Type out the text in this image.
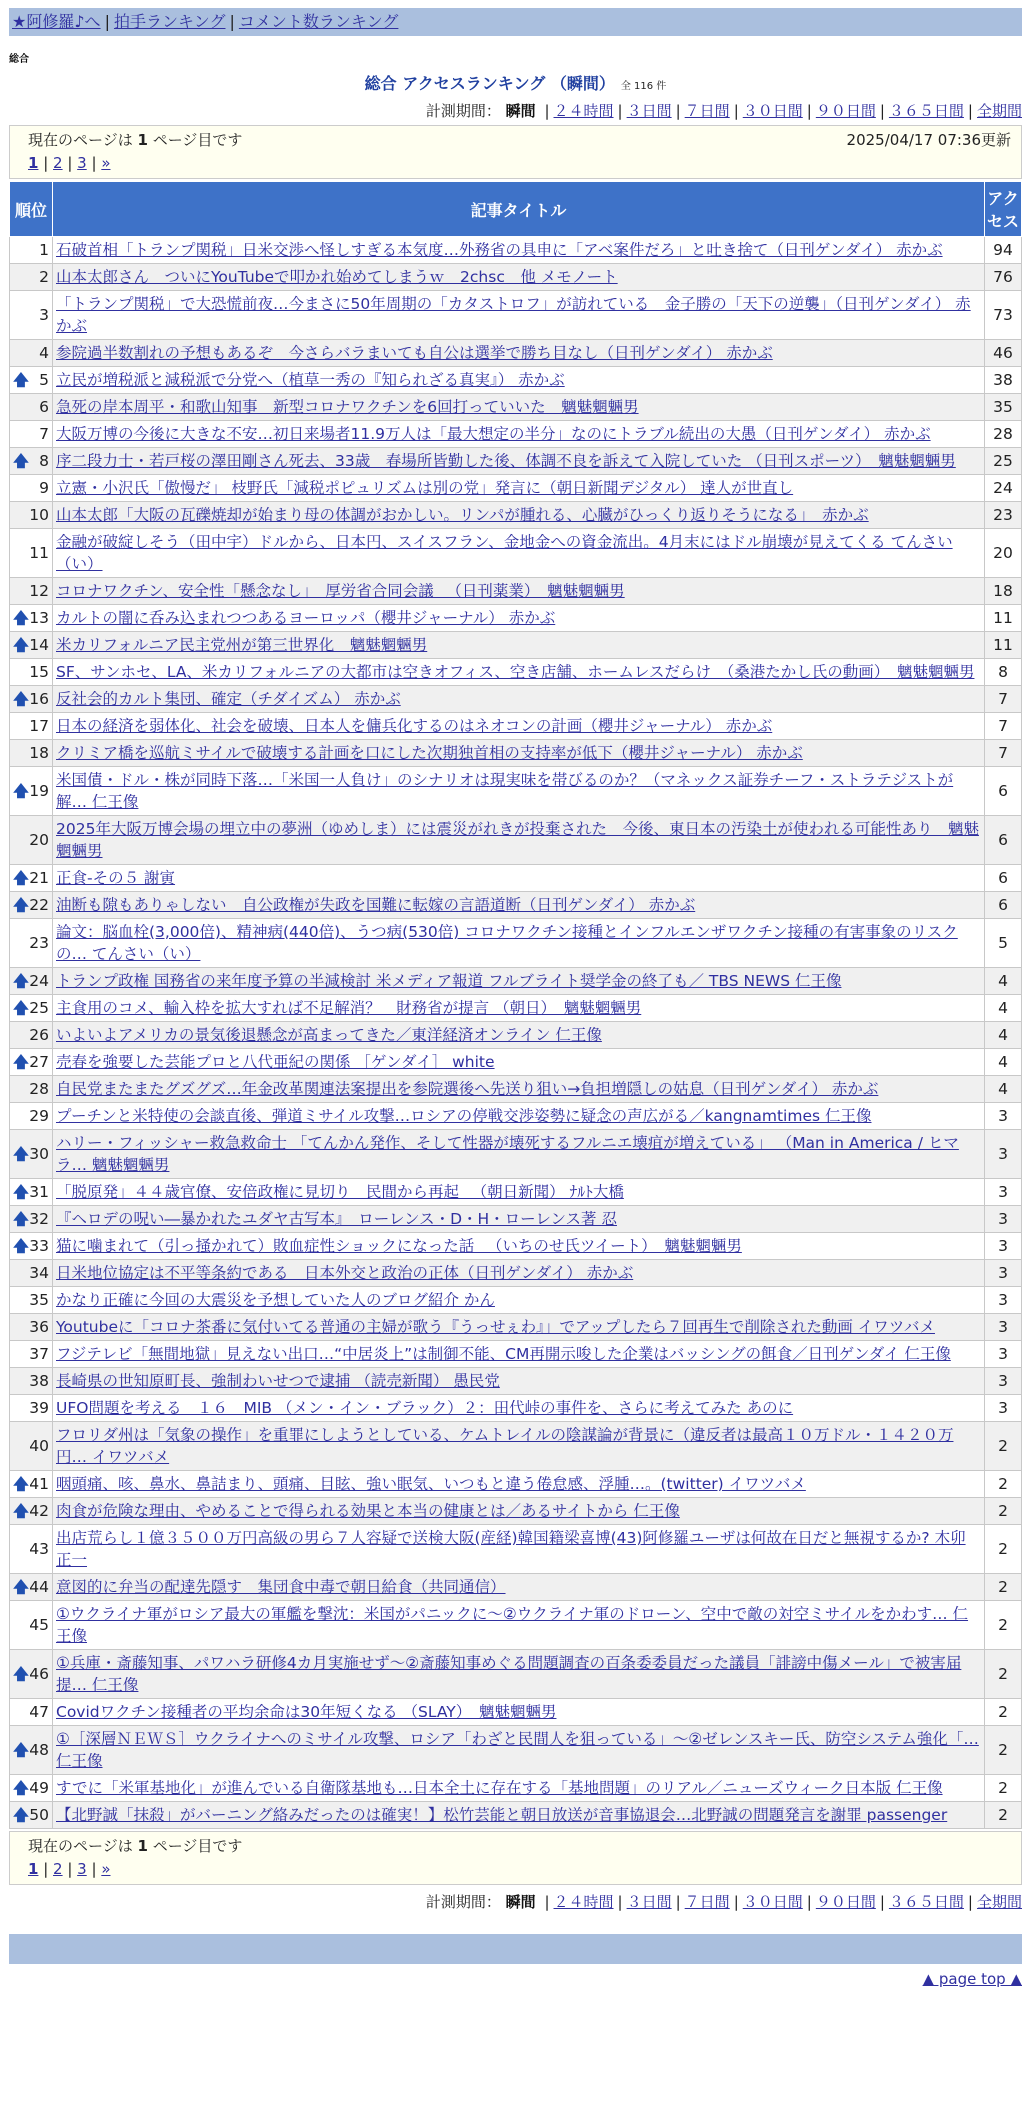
★阿修羅♪へ | 拍手ランキング | コメント数ランキング
総合
総合 アクセスランキング （瞬間） 全 116 件
計測期間： 瞬間 | ２４時間 | ３日間 | ７日間 | ３０日間 | ９０日間 | ３６５日間 | 全期間
現在のページは 1 ページ目です	2025/04/17 07:36更新
1 | 2 | 3 | »
順位	記事タイトル	アクセス
1	石破首相「トランプ関税」日米交渉へ怪しすぎる本気度…外務省の具申に「アベ案件だろ」と吐き捨て（日刊ゲンダイ） 赤かぶ	94
2	山本太郎さん　ついにYouTubeで叩かれ始めてしまうｗ　2chsc　他 メモノート	76
3	「トランプ関税」で大恐慌前夜…今まさに50年周期の「カタストロフ」が訪れている　金子勝の「天下の逆襲」（日刊ゲンダイ） 赤かぶ	73
4	参院過半数割れの予想もあるぞ　今さらバラまいても自公は選挙で勝ち目なし（日刊ゲンダイ） 赤かぶ	46

🡅 5	立民が増税派と減税派で分党へ（植草一秀の『知られざる真実』） 赤かぶ	38
6	急死の岸本周平・和歌山知事　新型コロナワクチンを6回打っていいた　魑魅魍魎男	35
7	大阪万博の今後に大きな不安…初日来場者11.9万人は「最大想定の半分」なのにトラブル続出の大愚（日刊ゲンダイ） 赤かぶ	28

🡅 8	序二段力士・若戸桜の澤田剛さん死去、33歳　春場所皆勤した後、体調不良を訴えて入院していた （日刊スポーツ）　魑魅魍魎男	25
9	立憲・小沢氏「傲慢だ」 枝野氏「減税ポピュリズムは別の党」発言に（朝日新聞デジタル） 達人が世直し	24
10	山本太郎「大阪の瓦礫焼却が始まり母の体調がおかしい。リンパが腫れる、心臓がひっくり返りそうになる」　赤かぶ	23
11	金融が破綻しそう（田中宇）ドルから、日本円、スイスフラン、金地金への資金流出。4月末にはドル崩壊が見えてくる てんさい（い）	20
12	コロナワクチン、安全性「懸念なし」　厚労省合同会議 　（日刊薬業）　魑魅魍魎男	18

🡅 13	カルトの闇に呑み込まれつつあるヨーロッパ（櫻井ジャーナル） 赤かぶ	11

🡅 14	米カリフォルニア民主党州が第三世界化　魑魅魍魎男	11
15	SF、サンホセ、LA、米カリフォルニアの大都市は空きオフィス、空き店舗、ホームレスだらけ　（桑港たかし氏の動画）　魑魅魍魎男	8

🡅 16	反社会的カルト集団、確定（チダイズム） 赤かぶ	7
17	日本の経済を弱体化、社会を破壊、日本人を傭兵化するのはネオコンの計画（櫻井ジャーナル） 赤かぶ	7
18	クリミア橋を巡航ミサイルで破壊する計画を口にした次期独首相の支持率が低下（櫻井ジャーナル） 赤かぶ	7

🡅 19	米国債・ドル・株が同時下落…「米国一人負け」のシナリオは現実味を帯びるのか？（マネックス証券チーフ・ストラテジストが解… 仁王像	6
20	2025年大阪万博会場の埋立中の夢洲（ゆめしま）には震災がれきが投棄された　今後、東日本の汚染土が使われる可能性あり　魑魅魍魎男	6

🡅 21	正食-その５ 謝寅	6

🡅 22	油断も隙もありゃしない　自公政権が失政を国難に転嫁の言語道断（日刊ゲンダイ） 赤かぶ	6
23	論文：脳血栓(3,000倍)、精神病(440倍)、うつ病(530倍) コロナワクチン接種とインフルエンザワクチン接種の有害事象のリスクの… てんさい（い）	5

🡅 24	トランプ政権 国務省の来年度予算の半減検討 米メディア報道 フルブライト奨学金の終了も／ TBS NEWS 仁王像	4

🡅 25	主食用のコメ、輸入枠を拡大すれば不足解消？　財務省が提言 （朝日）　魑魅魍魎男	4
26	いよいよアメリカの景気後退懸念が高まってきた／東洋経済オンライン 仁王像	4

🡅 27	売春を強要した芸能プロと八代亜紀の関係 ［ゲンダイ］ white	4
28	自民党またまたグズグズ…年金改革関連法案提出を参院選後へ先送り狙い→負担増隠しの姑息（日刊ゲンダイ） 赤かぶ	4
29	プーチンと米特使の会談直後、弾道ミサイル攻撃…ロシアの停戦交渉姿勢に疑念の声広がる／kangnamtimes 仁王像	3

🡅 30	ハリー・フィッシャー救急救命士 「てんかん発作、そして性器が壊死するフルニエ壊疽が増えている」 （Man in America / ヒマラ… 魑魅魍魎男	3

🡅 31	「脱原発」４４歳官僚、安倍政権に見切り　民間から再起 　（朝日新聞） ﾅﾙﾄ大橋	3

🡅 32	『ヘロデの呪い―暴かれたユダヤ古写本』　ローレンス・D・H・ローレンス著 忍	3

🡅 33	猫に噛まれて（引っ掻かれて）敗血症性ショックになった話 　（いちのせ氏ツイート）　魑魅魍魎男	3
34	日米地位協定は不平等条約である　日本外交と政治の正体（日刊ゲンダイ） 赤かぶ	3
35	かなり正確に今回の大震災を予想していた人のブログ紹介 かん	3
36	Youtubeに「コロナ茶番に気付いてる普通の主婦が歌う『うっせぇわ』」でアップしたら７回再生で削除された動画 イワツバメ	3
37	フジテレビ「無間地獄」見えない出口…“中居炎上”は制御不能、CM再開示唆した企業はバッシングの餌食／日刊ゲンダイ 仁王像	3
38	長崎県の世知原町長、強制わいせつで逮捕 （読売新聞） 愚民党	3
39	UFO問題を考える　１６　MIB （メン・イン・ブラック）２：田代峠の事件を、さらに考えてみた あのに	3
40	フロリダ州は「気象の操作」を重罪にしようとしている、ケムトレイルの陰謀論が背景に（違反者は最高１０万ドル・１４２０万円… イワツバメ	2

🡅 41	咽頭痛、咳、鼻水、鼻詰まり、頭痛、目眩、強い眠気、いつもと違う倦怠感、浮腫…。(twitter) イワツバメ	2

🡅 42	肉食が危険な理由、やめることで得られる効果と本当の健康とは／あるサイトから 仁王像	2
43	出店荒らし１億３５００万円高級の男ら７人容疑で送検大阪(産経)韓国籍梁喜博(43)阿修羅ユーザは何故在日だと無視するか? 木卯正一	2

🡅 44	意図的に弁当の配達先隠す　集団食中毒で朝日給食（共同通信）	2
45	①ウクライナ軍がロシア最大の軍艦を撃沈：米国がパニックに～②ウクライナ軍のドローン、空中で敵の対空ミサイルをかわす… 仁王像	2

🡅 46	①兵庫・斎藤知事、パワハラ研修4カ月実施せず～②斎藤知事めぐる問題調査の百条委委員だった議員「誹謗中傷メール」で被害届提… 仁王像	2
47	Covidワクチン接種者の平均余命は30年短くなる （SLAY）　魑魅魍魎男	2

🡅 48	①［深層ＮＥＷＳ］ウクライナへのミサイル攻撃、ロシア「わざと民間人を狙っている」～②ゼレンスキー氏、防空システム強化「… 仁王像	2

🡅 49	すでに「米軍基地化」が進んでいる自衛隊基地も…日本全土に存在する「基地問題」のリアル／ニューズウィーク日本版 仁王像	2

🡅 50	【北野誠「抹殺」がバーニング絡みだったのは確実！】松竹芸能と朝日放送が音事協退会…北野誠の問題発言を謝罪 passenger	2
現在のページは 1 ページ目です
1 | 2 | 3 | »
計測期間： 瞬間 | ２４時間 | ３日間 | ７日間 | ３０日間 | ９０日間 | ３６５日間 | 全期間
▲ page top ▲
